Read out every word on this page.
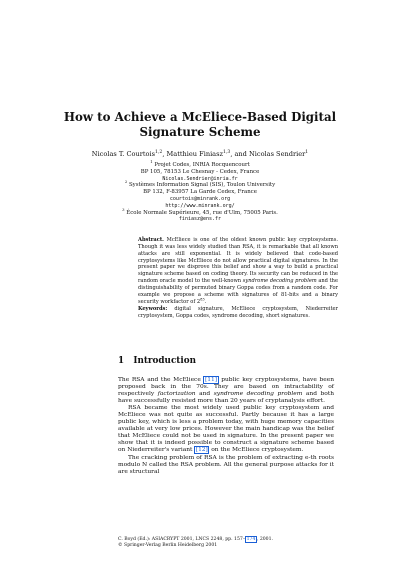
How to Achieve a McEliece-Based Digital
Signature Scheme
Nicolas T. Courtois$^{1,2}$, Matthieu Finiasz$^{1,3}$, and Nicolas Sendrier$^1$
$^1$ Projet Codes, INRIA Rocquencourt
BP 105, 78153 Le Chesnay - Cedex, France
Nicolas.Sendrier@inria.fr
$^2$ Systèmes Information Signal (SIS), Toulon University
BP 132, F-83957 La Garde Cedex, France
courtois@minrank.org
http://www.minrank.org/
$^3$ École Normale Supérieure, 45, rue d'Ulm, 75005 Paris.
finiasz@ens.fr
Abstract. McEliece is one of the oldest known public key cryptosystems. Though it was less widely studied than RSA, it is remarkable that all known attacks are still exponential. It is widely believed that code-based cryptosystems like McEliece do not allow practical digital signatures. In the present paper we disprove this belief and show a way to build a practical signature scheme based on coding theory. Its security can be reduced in the random oracle model to the well-known syndrome decoding problem and the distinguishability of permuted binary Goppa codes from a random code. For example we propose a scheme with signatures of 81-bits and a binary security workfactor of $2^{83}$.
Keywords: digital signature, McEliece cryptosystem, Niederreiter cryptosystem, Goppa codes, syndrome decoding, short signatures.
1 Introduction

The RSA and the McEliece [11] public key cryptosystems, have been proposed back in the 70s. They are based on intractability of respectively factorization and syndrome decoding problem and both have successfully resisted more than 20 years of cryptanalysis effort.

RSA became the most widely used public key cryptosystem and McEliece was not quite as successful. Partly because it has a large public key, which is less a problem today, with huge memory capacities available at very low prices. However the main handicap was the belief that McEliece could not be used in signature. In the present paper we show that it is indeed possible to construct a signature scheme based on Niederreiter's variant [12] on the McEliece cryptosystem.

The cracking problem of RSA is the problem of extracting e-th roots modulo N called the RSA problem. All the general purpose attacks for it are structural

C. Boyd (Ed.): ASIACRYPT 2001, LNCS 2248, pp. 157– 174 , 2001.
© Springer-Verlag Berlin Heidelberg 2001
